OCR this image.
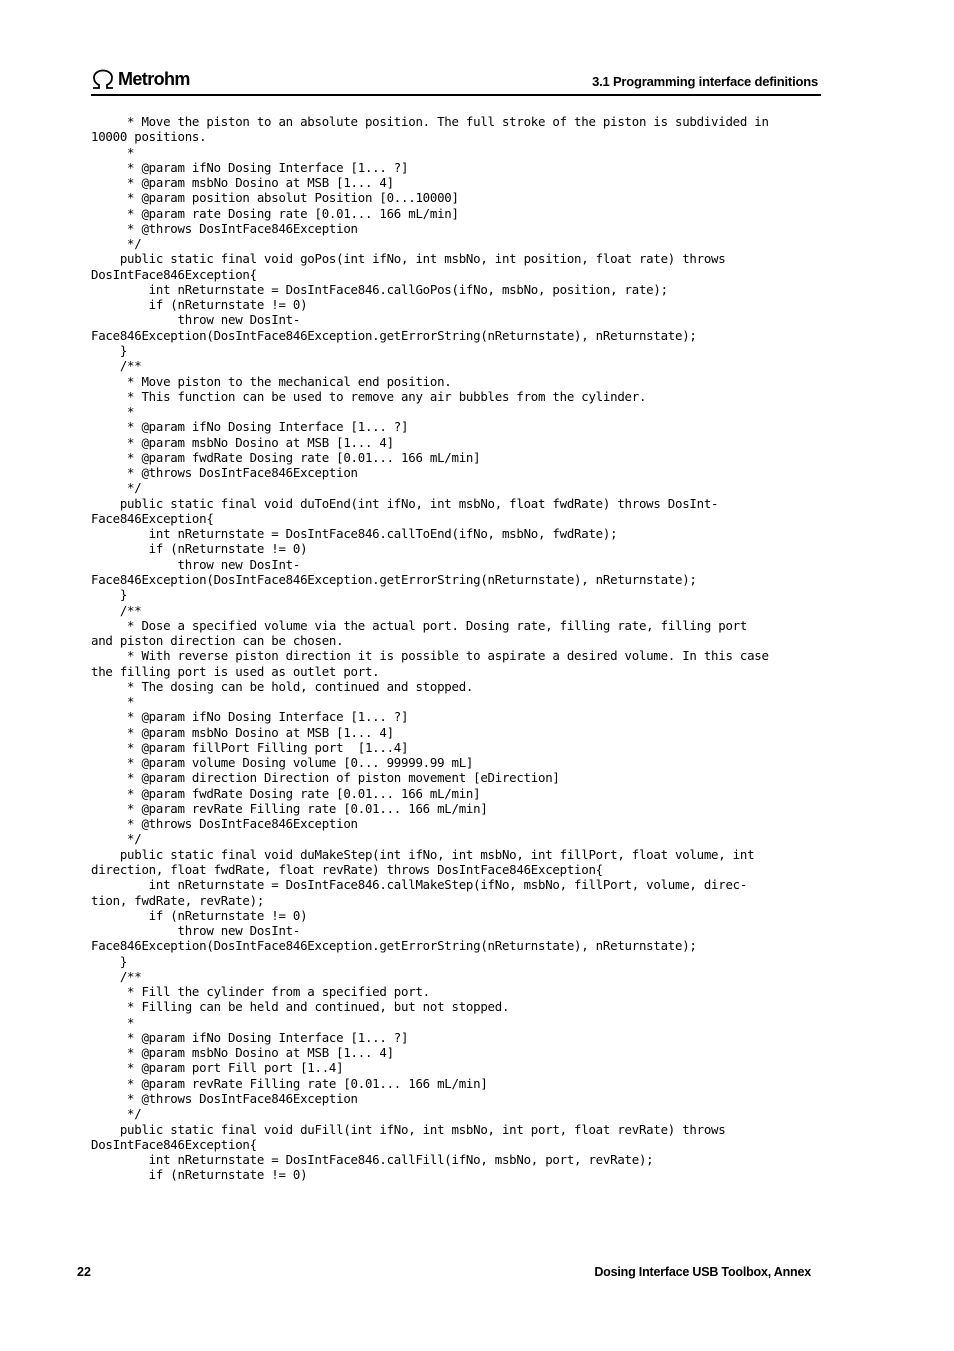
Metrohm	3.1 Programming interface definitions
* Move the piston to an absolute position. The full stroke of the piston is subdivided in
10000 positions.
*
* @param ifNo Dosing Interface [1... ?]
* @param msbNo Dosino at MSB [1... 4]
* @param position absolut Position [0...10000]
* @param rate Dosing rate [0.01... 166 mL/min]
* @throws DosIntFace846Exception
*/
public static final void goPos(int ifNo, int msbNo, int position, float rate) throws
DosIntFace846Exception{
int nReturnstate = DosIntFace846.callGoPos(ifNo, msbNo, position, rate);
if (nReturnstate != 0)
throw new DosInt-
Face846Exception(DosIntFace846Exception.getErrorString(nReturnstate), nReturnstate);
}
/**
* Move piston to the mechanical end position.
* This function can be used to remove any air bubbles from the cylinder.
*
* @param ifNo Dosing Interface [1... ?]
* @param msbNo Dosino at MSB [1... 4]
* @param fwdRate Dosing rate [0.01... 166 mL/min]
* @throws DosIntFace846Exception
*/
public static final void duToEnd(int ifNo, int msbNo, float fwdRate) throws DosInt-
Face846Exception{
int nReturnstate = DosIntFace846.callToEnd(ifNo, msbNo, fwdRate);
if (nReturnstate != 0)
throw new DosInt-
Face846Exception(DosIntFace846Exception.getErrorString(nReturnstate), nReturnstate);
}
/**
* Dose a specified volume via the actual port. Dosing rate, filling rate, filling port
and piston direction can be chosen.
* With reverse piston direction it is possible to aspirate a desired volume. In this case
the filling port is used as outlet port.
* The dosing can be hold, continued and stopped.
*
* @param ifNo Dosing Interface [1... ?]
* @param msbNo Dosino at MSB [1... 4]
* @param fillPort Filling port  [1...4]
* @param volume Dosing volume [0... 99999.99 mL]
* @param direction Direction of piston movement [eDirection]
* @param fwdRate Dosing rate [0.01... 166 mL/min]
* @param revRate Filling rate [0.01... 166 mL/min]
* @throws DosIntFace846Exception
*/
public static final void duMakeStep(int ifNo, int msbNo, int fillPort, float volume, int
direction, float fwdRate, float revRate) throws DosIntFace846Exception{
int nReturnstate = DosIntFace846.callMakeStep(ifNo, msbNo, fillPort, volume, direc-
tion, fwdRate, revRate);
if (nReturnstate != 0)
throw new DosInt-
Face846Exception(DosIntFace846Exception.getErrorString(nReturnstate), nReturnstate);
}
/**
* Fill the cylinder from a specified port.
* Filling can be held and continued, but not stopped.
*
* @param ifNo Dosing Interface [1... ?]
* @param msbNo Dosino at MSB [1... 4]
* @param port Fill port [1..4]
* @param revRate Filling rate [0.01... 166 mL/min]
* @throws DosIntFace846Exception
*/
public static final void duFill(int ifNo, int msbNo, int port, float revRate) throws
DosIntFace846Exception{
int nReturnstate = DosIntFace846.callFill(ifNo, msbNo, port, revRate);
if (nReturnstate != 0)
22	Dosing Interface USB Toolbox, Annex
